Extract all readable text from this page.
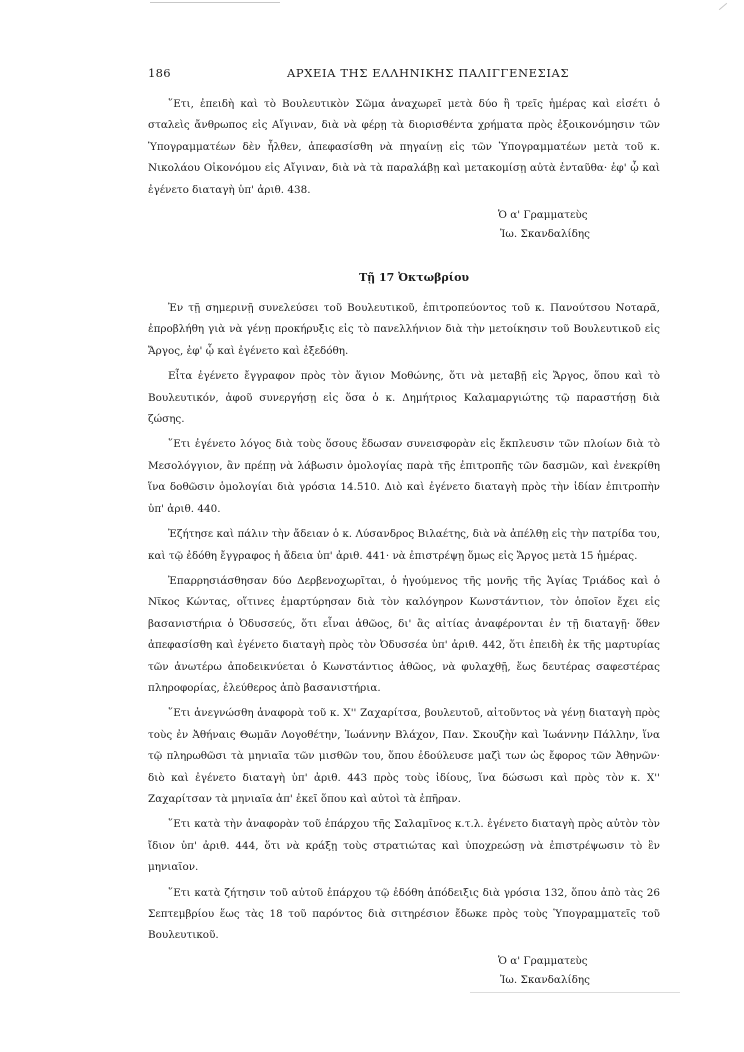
186	ΑΡΧΕΙΑ ΤΗΣ ΕΛΛΗΝΙΚΗΣ ΠΑΛΙΓΓΕΝΕΣΙΑΣ

῞Ετι, ἐπειδὴ καὶ τὸ Βουλευτικὸν Σῶμα ἀναχωρεῖ μετὰ δύο ἢ τρεῖς ἡμέρας καὶ εἰσέτι ὁ σταλεὶς ἄνθρωπος εἰς Αἴγιναν, διὰ νὰ φέρῃ τὰ διορισθέντα χρήματα πρὸς ἐξοικονόμησιν τῶν Ὑπογραμματέων δὲν ἦλθεν, ἀπεφασίσθη νὰ πηγαίνῃ εἰς τῶν Ὑπογραμματέων μετὰ τοῦ κ. Νικολάου Οἰκονόμου εἰς Αἴγιναν, διὰ νὰ τὰ παραλάβῃ καὶ μετακομίσῃ αὐτὰ ἐνταῦθα· ἐφ' ᾧ καὶ ἐγένετο διαταγὴ ὑπ' ἀριθ. 438.

Ὁ α' Γραμματεὺς
Ἰω. Σκανδαλίδης
Τῇ 17 Ὀκτωβρίου

Ἐν τῇ σημερινῇ συνελεύσει τοῦ Βουλευτικοῦ, ἐπιτροπεύοντος τοῦ κ. Πανούτσου Νοταρᾶ, ἐπροβλήθη γιὰ νὰ γένῃ προκήρυξις εἰς τὸ πανελλήνιον διὰ τὴν μετοίκησιν τοῦ Βουλευτικοῦ εἰς Ἄργος, ἐφ' ᾧ καὶ ἐγένετο καὶ ἐξεδόθη.

Εἶτα ἐγένετο ἔγγραφον πρὸς τὸν ἅγιον Μοθώνης, ὅτι νὰ μεταβῇ εἰς Ἄργος, ὅπου καὶ τὸ Βουλευτικόν, ἀφοῦ συνεργήσῃ εἰς ὅσα ὁ κ. Δημήτριος Καλαμαργιώτης τῷ παραστήσῃ διὰ ζώσης.

῞Ετι ἐγένετο λόγος διὰ τοὺς ὅσους ἔδωσαν συνεισφορὰν εἰς ἔκπλευσιν τῶν πλοίων διὰ τὸ Μεσολόγγιον, ἂν πρέπῃ νὰ λάβωσιν ὁμολογίας παρὰ τῆς ἐπιτροπῆς τῶν δασμῶν, καὶ ἐνεκρίθη ἵνα δοθῶσιν ὁμολογίαι διὰ γρόσια 14.510. Διὸ καὶ ἐγένετο διαταγὴ πρὸς τὴν ἰδίαν ἐπιτροπὴν ὑπ' ἀριθ. 440.

Ἐζήτησε καὶ πάλιν τὴν ἄδειαν ὁ κ. Λύσανδρος Βιλαέτης, διὰ νὰ ἀπέλθῃ εἰς τὴν πατρίδα του, καὶ τῷ ἐδόθη ἔγγραφος ἡ ἄδεια ὑπ' ἀριθ. 441· νὰ ἐπιστρέψῃ ὅμως εἰς Ἄργος μετὰ 15 ἡμέρας.

Ἐπαρρησιάσθησαν δύο Δερβενοχωρῖται, ὁ ἡγούμενος τῆς μονῆς τῆς Ἁγίας Τριάδος καὶ ὁ Νῖκος Κώντας, οἵτινες ἐμαρτύρησαν διὰ τὸν καλόγηρον Κωνστάντιον, τὸν ὁποῖον ἔχει εἰς βασανιστήρια ὁ Ὀδυσσεύς, ὅτι εἶναι ἀθῶος, δι' ἃς αἰτίας ἀναφέρονται ἐν τῇ διαταγῇ· ὅθεν ἀπεφασίσθη καὶ ἐγένετο διαταγὴ πρὸς τὸν Ὀδυσσέα ὑπ' ἀριθ. 442, ὅτι ἐπειδὴ ἐκ τῆς μαρτυρίας τῶν ἀνωτέρω ἀποδεικνύεται ὁ Κωνστάντιος ἀθῶος, νὰ φυλαχθῇ, ἕως δευτέρας σαφεστέρας πληροφορίας, ἐλεύθερος ἀπὸ βασανιστήρια.

῞Ετι ἀνεγνώσθη ἀναφορὰ τοῦ κ. Χ'' Ζαχαρίτσα, βουλευτοῦ, αἰτοῦντος νὰ γένῃ διαταγὴ πρὸς τοὺς ἐν Ἀθήναις Θωμᾶν Λογοθέτην, Ἰωάννην Βλάχον, Παν. Σκουζὴν καὶ Ἰωάννην Πάλλην, ἵνα τῷ πληρωθῶσι τὰ μηνιαῖα τῶν μισθῶν του, ὅπου ἐδούλευσε μαζὶ των ὡς ἔφορος τῶν Ἀθηνῶν· διὸ καὶ ἐγένετο διαταγὴ ὑπ' ἀριθ. 443 πρὸς τοὺς ἰδίους, ἵνα δώσωσι καὶ πρὸς τὸν κ. Χ'' Ζαχαρίτσαν τὰ μηνιαῖα ἀπ' ἐκεῖ ὅπου καὶ αὐτοὶ τὰ ἐπῆραν.

῞Ετι κατὰ τὴν ἀναφορὰν τοῦ ἐπάρχου τῆς Σαλαμῖνος κ.τ.λ. ἐγένετο διαταγὴ πρὸς αὐτὸν τὸν ἴδιον ὑπ' ἀριθ. 444, ὅτι νὰ κράξῃ τοὺς στρατιώτας καὶ ὑποχρεώσῃ νὰ ἐπιστρέψωσιν τὸ ἓν μηνιαῖον.

῞Ετι κατὰ ζήτησιν τοῦ αὐτοῦ ἐπάρχου τῷ ἐδόθη ἀπόδειξις διὰ γρόσια 132, ὅπου ἀπὸ τὰς 26 Σεπτεμβρίου ἕως τὰς 18 τοῦ παρόντος διὰ σιτηρέσιον ἔδωκε πρὸς τοὺς Ὑπογραμματεῖς τοῦ Βουλευτικοῦ.

Ὁ α' Γραμματεὺς
Ἰω. Σκανδαλίδης
